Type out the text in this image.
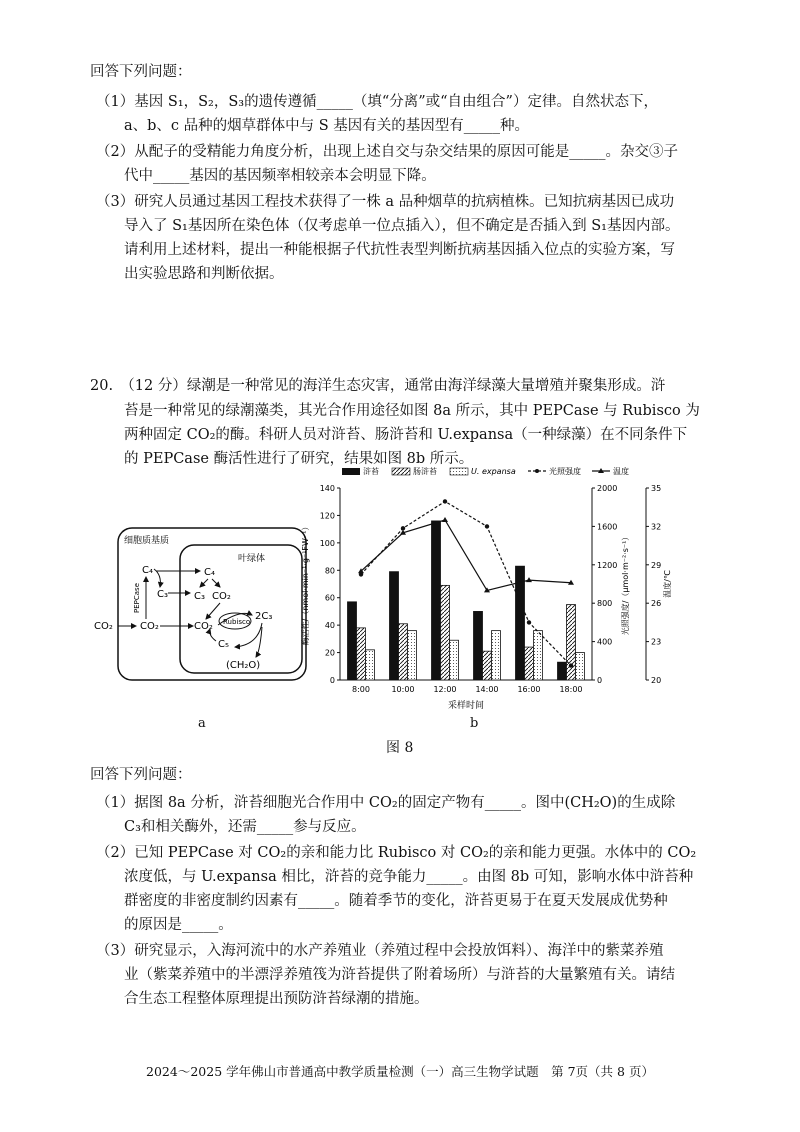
回答下列问题：
（1）基因 S₁，S₂，S₃的遗传遵循_____（填“分离”或“自由组合”）定律。自然状态下，
a、b、c 品种的烟草群体中与 S 基因有关的基因型有_____种。
（2）从配子的受精能力角度分析，出现上述自交与杂交结果的原因可能是_____。杂交③子
代中_____基因的基因频率相较亲本会明显下降。
（3）研究人员通过基因工程技术获得了一株 a 品种烟草的抗病植株。已知抗病基因已成功
导入了 S₁基因所在染色体（仅考虑单一位点插入），但不确定是否插入到 S₁基因内部。
请利用上述材料，提出一种能根据子代抗性表型判断抗病基因插入位点的实验方案，写
出实验思路和判断依据。
20.　（12 分）绿潮是一种常见的海洋生态灾害，通常由海洋绿藻大量增殖并聚集形成。浒
苔是一种常见的绿潮藻类，其光合作用途径如图 8a 所示，其中 PEPCase 与 Rubisco 为
两种固定 CO₂的酶。科研人员对浒苔、肠浒苔和 U.expansa（一种绿藻）在不同条件下
的 PEPCase 酶活性进行了研究，结果如图 8b 所示。
细胞质基质
叶绿体
CO₂	CO₂
C₄
C₃
PEPCase
C₄
C₃ CO₂
CO₂ Rubisco 2C₃
C₅
(CH₂O)
a
浒苔	肠浒苔	U. expansa	光照强度	温度
0
20
40
60
80
100
120
140
0
400
800
1200
1600
2000
20
23
26
29
32
35
酶活性/（nmol·min⁻¹·g⁻¹FW⁻¹）	光照强度/（μmol·m⁻²·s⁻¹）	温度/℃
采样时间
8:00	10:00 12:00 14:00 16:00 18:00
b
图 8
回答下列问题：
（1）据图 8a 分析，浒苔细胞光合作用中 CO₂的固定产物有_____。图中(CH₂O)的生成除
C₃和相关酶外，还需_____参与反应。
（2）已知 PEPCase 对 CO₂的亲和能力比 Rubisco 对 CO₂的亲和能力更强。水体中的 CO₂
浓度低，与 U.expansa 相比，浒苔的竞争能力_____。由图 8b 可知，影响水体中浒苔种
群密度的非密度制约因素有_____。随着季节的变化，浒苔更易于在夏天发展成优势种
的原因是_____。
（3）研究显示，入海河流中的水产养殖业（养殖过程中会投放饵料）、海洋中的紫菜养殖
业（紫菜养殖中的半漂浮养殖筏为浒苔提供了附着场所）与浒苔的大量繁殖有关。请结
合生态工程整体原理提出预防浒苔绿潮的措施。
2024～2025 学年佛山市普通高中教学质量检测（一）高三生物学试题　第 7页（共 8 页）
